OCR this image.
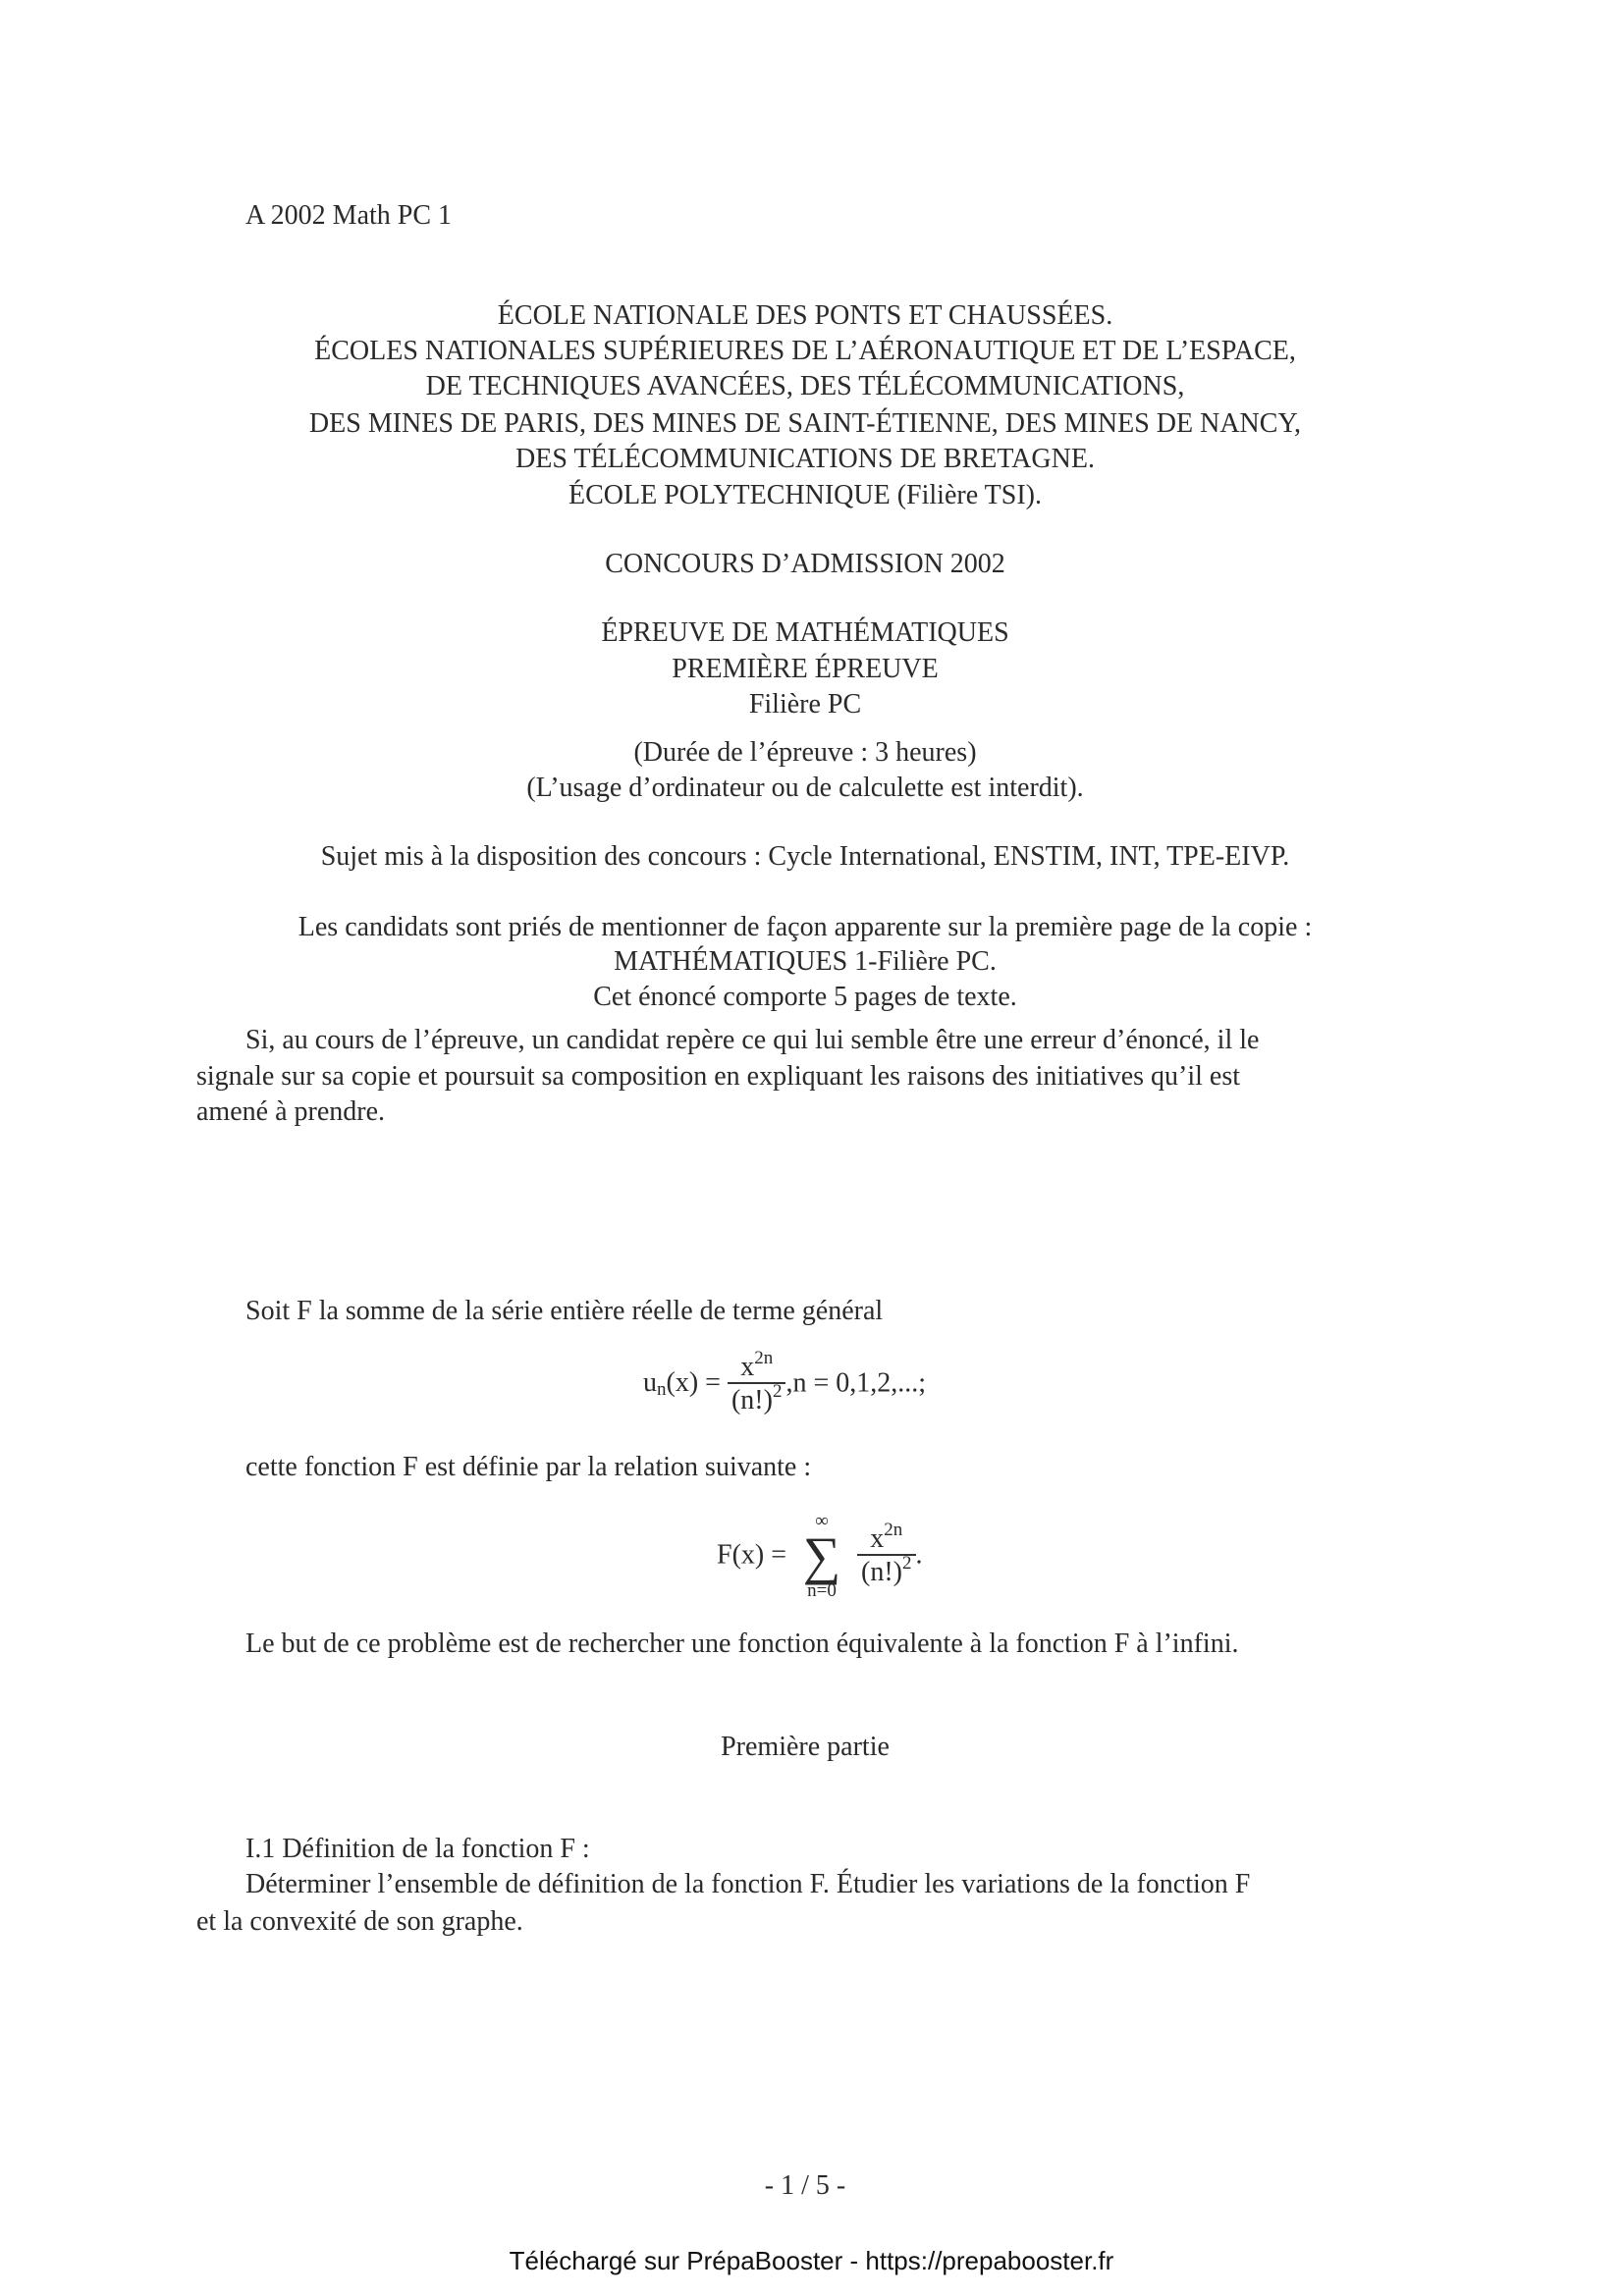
A 2002 Math PC 1
ÉCOLE NATIONALE DES PONTS ET CHAUSSÉES.
ÉCOLES NATIONALES SUPÉRIEURES DE L’AÉRONAUTIQUE ET DE L’ESPACE,
DE TECHNIQUES AVANCÉES, DES TÉLÉCOMMUNICATIONS,
DES MINES DE PARIS, DES MINES DE SAINT-ÉTIENNE, DES MINES DE NANCY,
DES TÉLÉCOMMUNICATIONS DE BRETAGNE.
ÉCOLE POLYTECHNIQUE (Filière TSI).
CONCOURS D’ADMISSION 2002
ÉPREUVE DE MATHÉMATIQUES
PREMIÈRE ÉPREUVE
Filière PC
(Durée de l’épreuve : 3 heures)
(L’usage d’ordinateur ou de calculette est interdit).
Sujet mis à la disposition des concours : Cycle International, ENSTIM, INT, TPE-EIVP.
Les candidats sont priés de mentionner de façon apparente sur la première page de la copie :
MATHÉMATIQUES 1-Filière PC.
Cet énoncé comporte 5 pages de texte.
Si, au cours de l’épreuve, un candidat repère ce qui lui semble être une erreur d’énoncé, il le
signale sur sa copie et poursuit sa composition en expliquant les raisons des initiatives qu’il est
amené à prendre.
Soit F la somme de la série entière réelle de terme général
$u_n(x) = \frac{x^{2n}}{(n!)^2} ,n = 0,1,2$,...;
cette fonction F est définie par la relation suivante :
F(x) =
∞
∑
n=0

$\frac{x^{2n}}{(n!)^2}$ .
Le but de ce problème est de rechercher une fonction équivalente à la fonction F à l’infini.
Première partie
I.1 Définition de la fonction F :
Déterminer l’ensemble de définition de la fonction F. Étudier les variations de la fonction F
et la convexité de son graphe.
- 1 / 5 -
Téléchargé sur PrépaBooster - https://prepabooster.fr
